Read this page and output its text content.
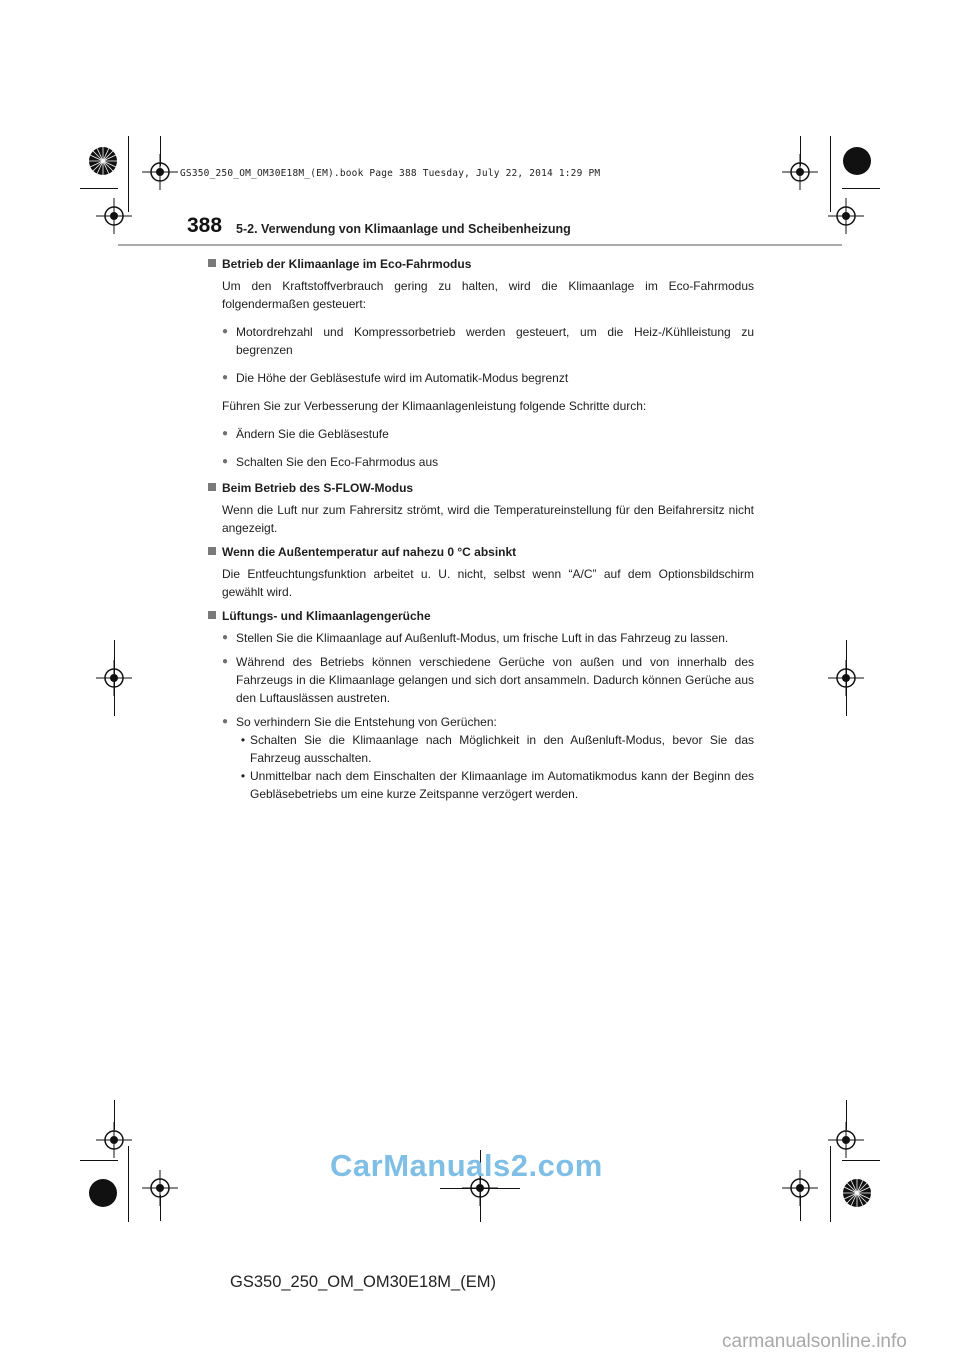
GS350_250_OM_OM30E18M_(EM).book Page 388 Tuesday, July 22, 2014 1:29 PM
388 5-2. Verwendung von Klimaanlage und Scheibenheizung
Betrieb der Klimaanlage im Eco-Fahrmodus
Um den Kraftstoffverbrauch gering zu halten, wird die Klimaanlage im Eco-Fahrmodus folgendermaßen gesteuert:
● Motordrehzahl und Kompressorbetrieb werden gesteuert, um die Heiz-/Kühlleistung zu begrenzen
● Die Höhe der Gebläsestufe wird im Automatik-Modus begrenzt
Führen Sie zur Verbesserung der Klimaanlagenleistung folgende Schritte durch:
● Ändern Sie die Gebläsestufe
● Schalten Sie den Eco-Fahrmodus aus
Beim Betrieb des S-FLOW-Modus
Wenn die Luft nur zum Fahrersitz strömt, wird die Temperatureinstellung für den Beifahrersitz nicht angezeigt.
Wenn die Außentemperatur auf nahezu 0 °C absinkt
Die Entfeuchtungsfunktion arbeitet u. U. nicht, selbst wenn “A/C” auf dem Optionsbildschirm gewählt wird.
Lüftungs- und Klimaanlagengerüche
● Stellen Sie die Klimaanlage auf Außenluft-Modus, um frische Luft in das Fahrzeug zu lassen.
● Während des Betriebs können verschiedene Gerüche von außen und von innerhalb des Fahrzeugs in die Klimaanlage gelangen und sich dort ansammeln. Dadurch können Gerüche aus den Luftauslässen austreten.
● So verhindern Sie die Entstehung von Gerüchen:
• Schalten Sie die Klimaanlage nach Möglichkeit in den Außenluft-Modus, bevor Sie das Fahrzeug ausschalten.
• Unmittelbar nach dem Einschalten der Klimaanlage im Automatikmodus kann der Beginn des Gebläsebetriebs um eine kurze Zeitspanne verzögert werden.
CarManuals2.com
GS350_250_OM_OM30E18M_(EM)
carmanualsonline.info
